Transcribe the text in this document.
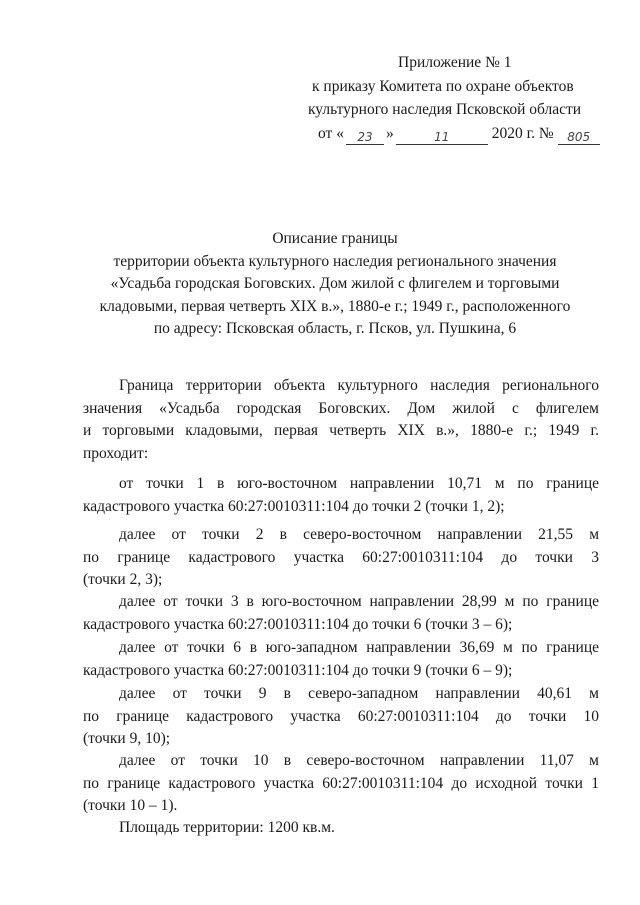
Приложение № 1
к приказу Комитета по охране объектов
культурного наследия Псковской области
от «	23 »	11	2020 г. №	805
Описание границы
территории объекта культурного наследия регионального значения
«Усадьба городская Боговских. Дом жилой с флигелем и торговыми
кладовыми, первая четверть XIX в.», 1880-е г.; 1949 г., расположенного
по адресу: Псковская область, г. Псков, ул. Пушкина, 6
Граница территории объекта культурного наследия регионального
значения «Усадьба городская Боговских. Дом жилой с флигелем
и торговыми кладовыми, первая четверть XIX в.», 1880-е г.; 1949 г.
проходит:
от точки 1 в юго-восточном направлении 10,71 м по границе
кадастрового участка 60:27:0010311:104 до точки 2 (точки 1, 2);
далее от точки 2 в северо-восточном направлении 21,55 м
по границе кадастрового участка 60:27:0010311:104 до точки 3
(точки 2, 3);
далее от точки 3 в юго-восточном направлении 28,99 м по границе
кадастрового участка 60:27:0010311:104 до точки 6 (точки 3 – 6);
далее от точки 6 в юго-западном направлении 36,69 м по границе
кадастрового участка 60:27:0010311:104 до точки 9 (точки 6 – 9);
далее от точки 9 в северо-западном направлении 40,61 м
по границе кадастрового участка 60:27:0010311:104 до точки 10
(точки 9, 10);
далее от точки 10 в северо-восточном направлении 11,07 м
по границе кадастрового участка 60:27:0010311:104 до исходной точки 1
(точки 10 – 1).
Площадь территории: 1200 кв.м.
